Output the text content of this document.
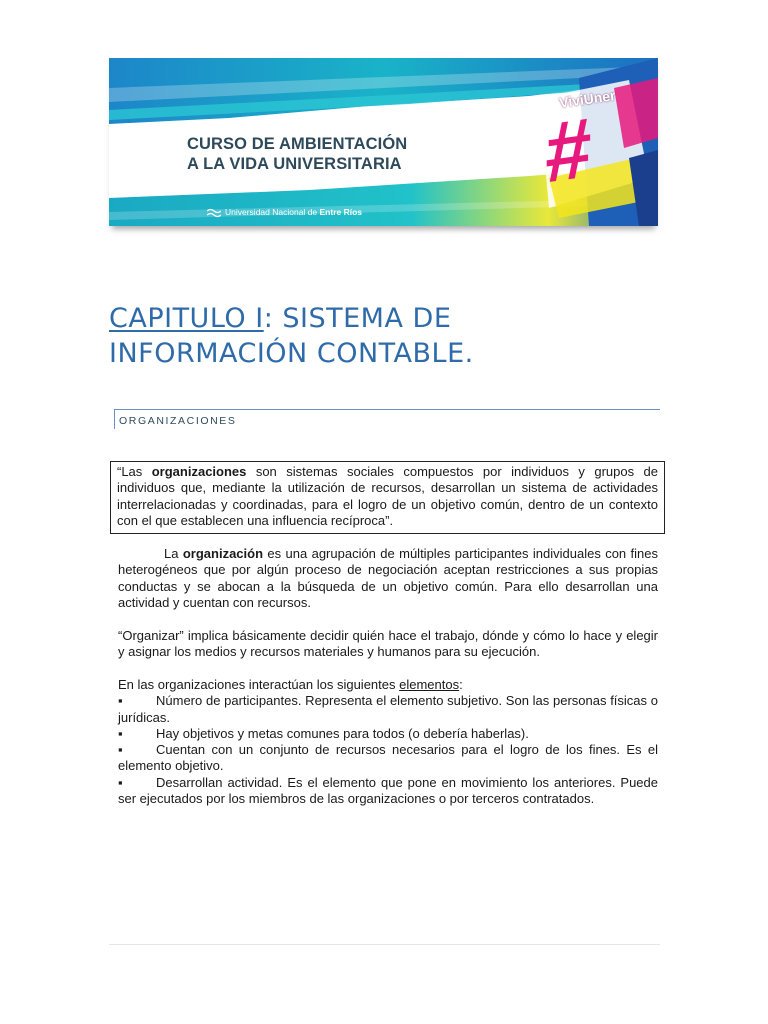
CURSO DE AMBIENTACIÓN
A LA VIDA UNIVERSITARIA
Universidad Nacional de Entre Ríos
ViviUner
#
CAPITULO I: SISTEMA DE
INFORMACIÓN CONTABLE.
ORGANIZACIONES
“Las organizaciones son sistemas sociales compuestos por individuos y grupos de individuos que, mediante la utilización de recursos, desarrollan un sistema de actividades interrelacionadas y coordinadas, para el logro de un objetivo común, dentro de un contexto con el que establecen una influencia recíproca”.
La organización es una agrupación de múltiples participantes individuales con fines heterogéneos que por algún proceso de negociación aceptan restricciones a sus propias conductas y se abocan a la búsqueda de un objetivo común. Para ello desarrollan una actividad y cuentan con recursos.
“Organizar” implica básicamente decidir quién hace el trabajo, dónde y cómo lo hace y elegir y asignar los medios y recursos materiales y humanos para su ejecución.
En las organizaciones interactúan los siguientes elementos:
▪	Número de participantes. Representa el elemento subjetivo. Son las personas físicas o jurídicas.
▪	Hay objetivos y metas comunes para todos (o debería haberlas).
▪	Cuentan con un conjunto de recursos necesarios para el logro de los fines. Es el elemento objetivo.
▪	Desarrollan actividad. Es el elemento que pone en movimiento los anteriores. Puede ser ejecutados por los miembros de las organizaciones o por terceros contratados.
